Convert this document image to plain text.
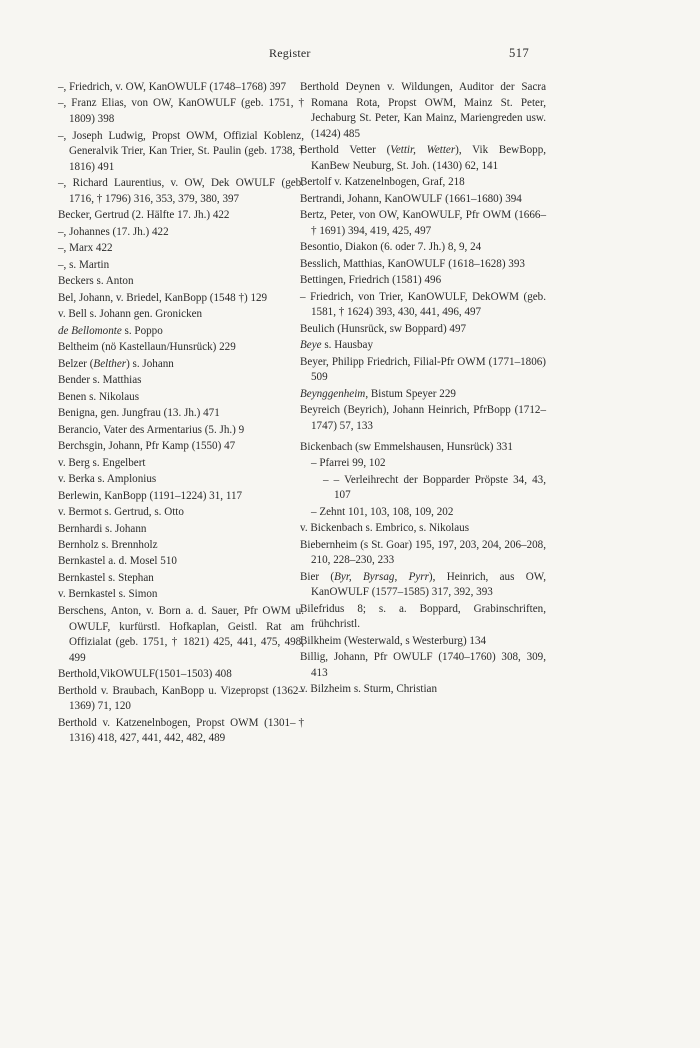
Register	517
–, Friedrich, v. OW, KanOWULF (1748–1768) 397
–, Franz Elias, von OW, KanOWULF (geb. 1751, † 1809) 398
–, Joseph Ludwig, Propst OWM, Offizial Koblenz, Generalvik Trier, Kan Trier, St. Paulin (geb. 1738, † 1816) 491
–, Richard Laurentius, v. OW, Dek OWULF (geb. 1716, † 1796) 316, 353, 379, 380, 397
Becker, Gertrud (2. Hälfte 17. Jh.) 422
–, Johannes (17. Jh.) 422
–, Marx 422
–, s. Martin
Beckers s. Anton
Bel, Johann, v. Briedel, KanBopp (1548 †) 129
v. Bell s. Johann gen. Gronicken
de Bellomonte s. Poppo
Beltheim (nö Kastellaun/Hunsrück) 229
Belzer (Belther) s. Johann
Bender s. Matthias
Benen s. Nikolaus
Benigna, gen. Jungfrau (13. Jh.) 471
Berancio, Vater des Armentarius (5. Jh.) 9
Berchsgin, Johann, Pfr Kamp (1550) 47
v. Berg s. Engelbert
v. Berka s. Amplonius
Berlewin, KanBopp (1191–1224) 31, 117
v. Bermot s. Gertrud, s. Otto
Bernhardi s. Johann
Bernholz s. Brennholz
Bernkastel a. d. Mosel 510
Bernkastel s. Stephan
v. Bernkastel s. Simon
Berschens, Anton, v. Born a. d. Sauer, Pfr OWM u. OWULF, kurfürstl. Hofkaplan, Geistl. Rat am Offizialat (geb. 1751, † 1821) 425, 441, 475, 498, 499
Berthold,VikOWULF(1501–1503) 408
Berthold v. Braubach, KanBopp u. Vizepropst (1362–1369) 71, 120
Berthold v. Katzenelnbogen, Propst OWM (1301–† 1316) 418, 427, 441, 442, 482, 489
Berthold Deynen v. Wildungen, Auditor der Sacra Romana Rota, Propst OWM, Mainz St. Peter, Jechaburg St. Peter, Kan Mainz, Mariengreden usw. (1424) 485
Berthold Vetter (Vettir, Wetter), Vik BewBopp, KanBew Neuburg, St. Joh. (1430) 62, 141
Bertolf v. Katzenelnbogen, Graf, 218
Bertrandi, Johann, KanOWULF (1661–1680) 394
Bertz, Peter, von OW, KanOWULF, Pfr OWM (1666–† 1691) 394, 419, 425, 497
Besontio, Diakon (6. oder 7. Jh.) 8, 9, 24
Besslich, Matthias, KanOWULF (1618–1628) 393
Bettingen, Friedrich (1581) 496
– Friedrich, von Trier, KanOWULF, DekOWM (geb. 1581, † 1624) 393, 430, 441, 496, 497
Beulich (Hunsrück, sw Boppard) 497
Beye s. Hausbay
Beyer, Philipp Friedrich, Filial-Pfr OWM (1771–1806) 509
Beynggenheim, Bistum Speyer 229
Beyreich (Beyrich), Johann Heinrich, PfrBopp (1712–1747) 57, 133
Bickenbach (sw Emmelshausen, Hunsrück) 331
– Pfarrei 99, 102
– – Verleihrecht der Bopparder Pröpste 34, 43, 107
– Zehnt 101, 103, 108, 109, 202
v. Bickenbach s. Embrico, s. Nikolaus
Biebernheim (s St. Goar) 195, 197, 203, 204, 206–208, 210, 228–230, 233
Bier (Byr, Byrsag, Pyrr), Heinrich, aus OW, KanOWULF (1577–1585) 317, 392, 393
Bilefridus 8; s. a. Boppard, Grabinschriften, frühchristl.
Bilkheim (Westerwald, s Westerburg) 134
Billig, Johann, Pfr OWULF (1740–1760) 308, 309, 413
v. Bilzheim s. Sturm, Christian
